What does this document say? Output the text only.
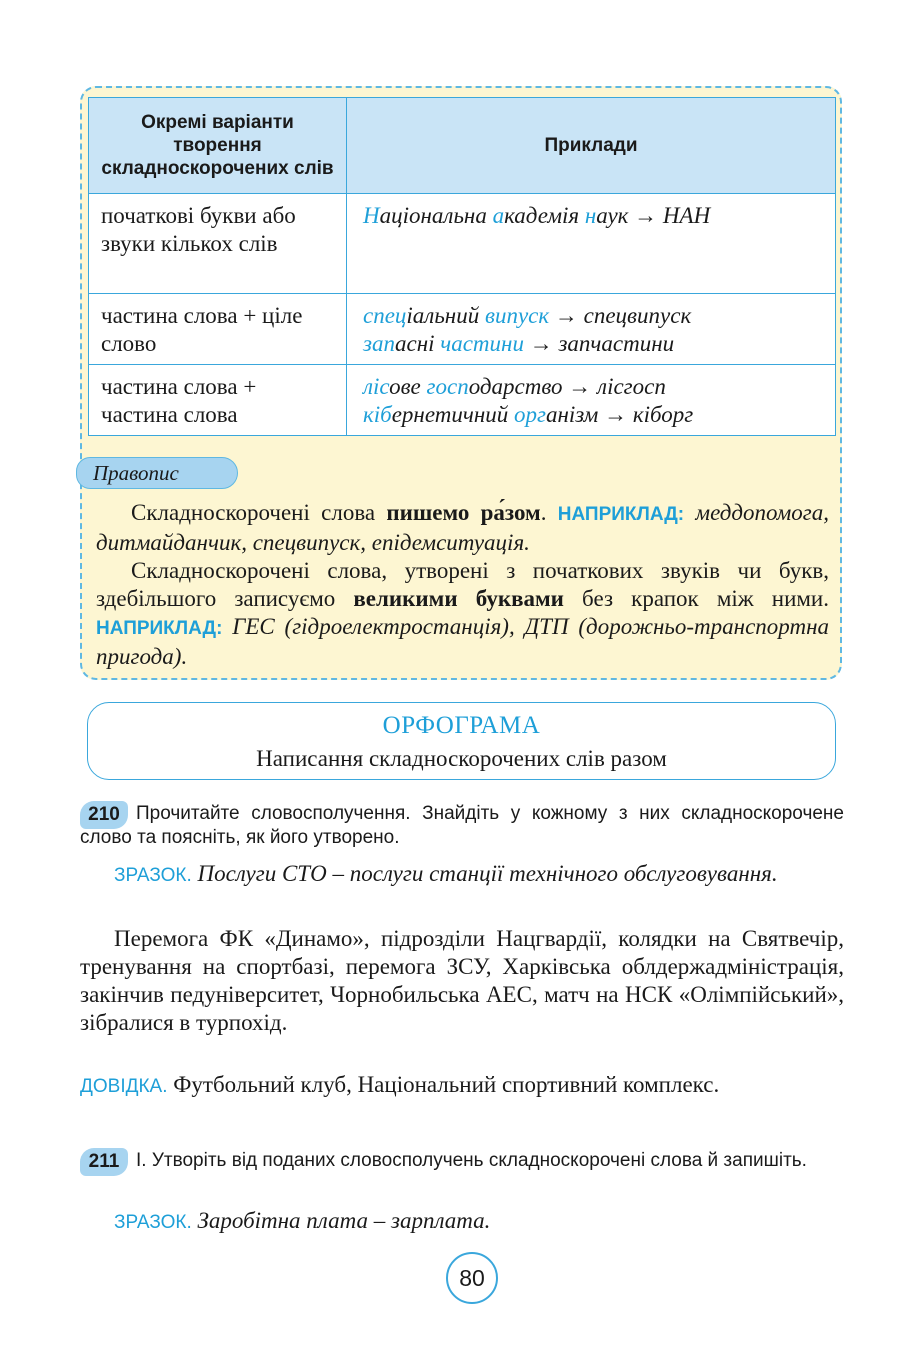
Окремі варіанти творення складноскорочених слів	Приклади
початкові букви або звуки кількох слів	Національна академія наук → НАН

частина слова + ціле слово	спеціальний випуск → спецвипуск
запасні частини → запчастини

частина слова + частина слова	лісове господарство → лісгосп
кібернетичний організм → кіборг
Правопис

Складноскорочені слова пишемо ра́зом. НАПРИКЛАД: меддопомога, дитмайданчик, спецвипуск, епідемситуація.

Складноскорочені слова, утворені з початкових звуків чи букв, здебільшого записуємо великими буквами без крапок між ними. НАПРИКЛАД: ГЕС (гідроелектростанція), ДТП (дорожньо-транспортна пригода).

ОРФОГРАМА
Написання складноскорочених слів разом
210 Прочитайте словосполучення. Знайдіть у кожному з них складноскорочене слово та поясніть, як його утворено.
ЗРАЗОК. Послуги СТО – послуги станції технічного обслуговування.
Перемога ФК «Динамо», підрозділи Нацгвардії, колядки на Святвечір, тренування на спортбазі, перемога ЗСУ, Харківська облдержадміністрація, закінчив педуніверситет, Чорнобильська АЕС, матч на НСК «Олімпійський», зібралися в турпохід.
ДОВІДКА. Футбольний клуб, Національний спортивний комплекс.
211 І. Утворіть від поданих словосполучень складноскорочені слова й запишіть.
ЗРАЗОК. Заробітна плата – зарплата.
80
